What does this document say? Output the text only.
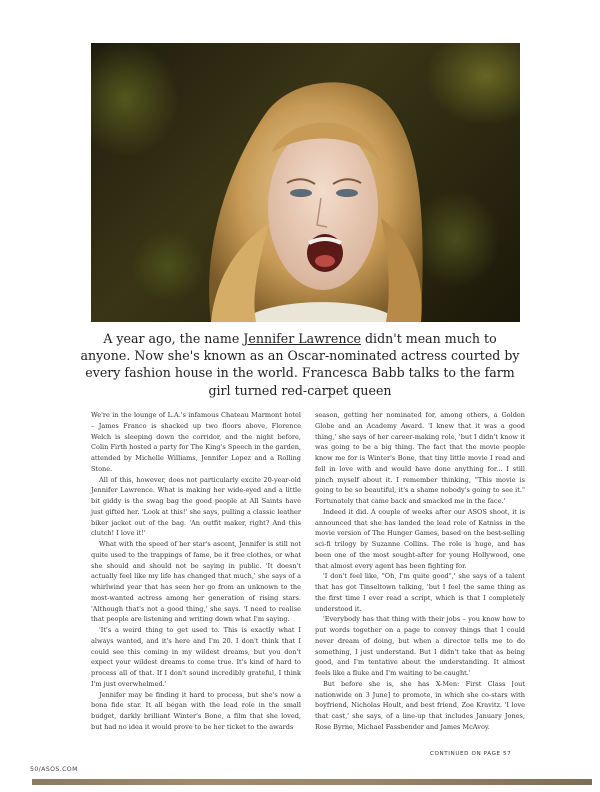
A year ago, the name Jennifer Lawrence didn't mean much to anyone. Now she's known as an Oscar-nominated actress courted by every fashion house in the world. Francesca Babb talks to the farm girl turned red-carpet queen

We're in the lounge of L.A.'s infamous Chateau Marmont hotel – James Franco is shacked up two floors above, Florence Welch is sleeping down the corridor, and the night before, Colin Firth hosted a party for The King's Speech in the garden, attended by Michelle Williams, Jennifer Lopez and a Rolling Stone.

All of this, however, does not particularly excite 20-year-old Jennifer Lawrence. What is making her wide-eyed and a little bit giddy is the swag bag the good people at All Saints have just gifted her. 'Look at this!' she says, pulling a classic leather biker jacket out of the bag. 'An outfit maker, right? And this clutch! I love it!'

What with the speed of her star's ascent, Jennifer is still not quite used to the trappings of fame, be it free clothes, or what she should and should not be saying in public. 'It doesn't actually feel like my life has changed that much,' she says of a whirlwind year that has seen her go from an unknown to the most-wanted actress among her generation of rising stars. 'Although that's not a good thing,' she says. 'I need to realise that people are listening and writing down what I'm saying.

'It's a weird thing to get used to. This is exactly what I always wanted, and it's here and I'm 20. I don't think that I could see this coming in my wildest dreams, but you don't expect your wildest dreams to come true. It's kind of hard to process all of that. If I don't sound incredibly grateful, I think I'm just overwhelmed.'

Jennifer may be finding it hard to process, but she's now a bona fide star. It all began with the lead role in the small budget, darkly brilliant Winter's Bone, a film that she loved, but had no idea it would prove to be her ticket to the awards

season, getting her nominated for, among others, a Golden Globe and an Academy Award. 'I knew that it was a good thing,' she says of her career-making role, 'but I didn't know it was going to be a big thing. The fact that the movie people know me for is Winter's Bone, that tiny little movie I read and fell in love with and would have done anything for... I still pinch myself about it. I remember thinking, "This movie is going to be so beautiful, it's a shame nobody's going to see it." Fortunately that came back and smacked me in the face.'

Indeed it did. A couple of weeks after our ASOS shoot, it is announced that she has landed the lead role of Katniss in the movie version of The Hunger Games, based on the best-selling sci-fi trilogy by Suzanne Collins. The role is huge, and has been one of the most sought-after for young Hollywood, one that almost every agent has been fighting for.

'I don't feel like, "Oh, I'm quite good",' she says of a talent that has got Tinseltown talking, 'but I feel the same thing as the first time I ever read a script, which is that I completely understood it.

'Everybody has that thing with their jobs – you know how to put words together on a page to convey things that I could never dream of doing, but when a director tells me to do something, I just understand. But I didn't take that as being good, and I'm tentative about the understanding. It almost feels like a fluke and I'm waiting to be caught.'

But before she is, she has X-Men: First Class [out nationwide on 3 June] to promote, in which she co-stars with boyfriend, Nicholas Hoult, and best friend, Zoe Kravitz. 'I love that cast,' she says, of a line-up that includes January Jones, Rose Byrne, Michael Fassbender and James McAvoy.

CONTINUED ON PAGE 57
50/ASOS.COM
